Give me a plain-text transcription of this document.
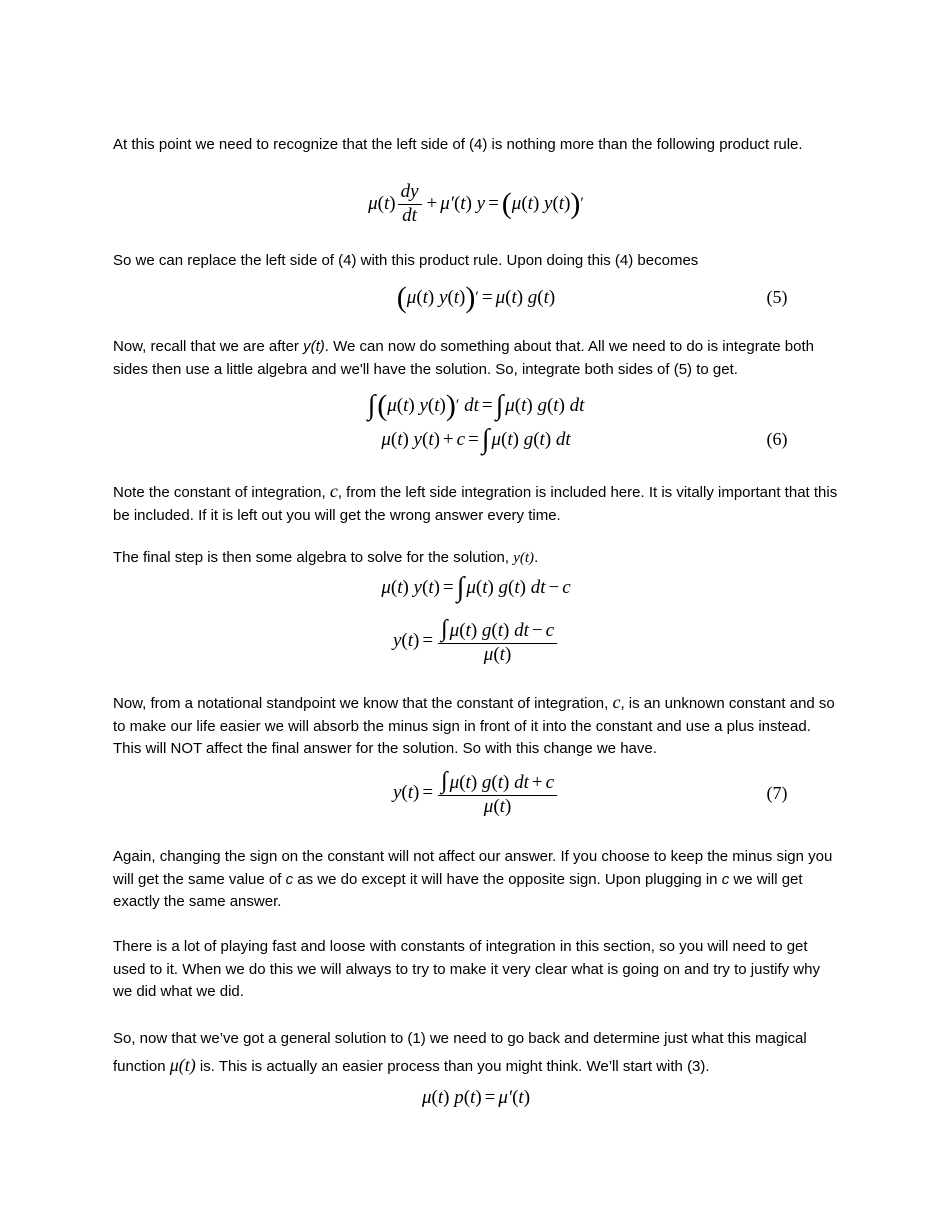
At this point we need to recognize that the left side of (4) is nothing more than the following product rule.

μ ( t ) $\frac{dy}{dt} + \mu'$ ( t ) y = ( μ ( t ) y ( t ) ) ′

So we can replace the left side of (4) with this product rule. Upon doing this (4) becomes

( μ ( t ) y ( t ) ) ′ = μ ( t ) g ( t )	(5)

Now, recall that we are after y(t). We can now do something about that. All we need to do is integrate both sides then use a little algebra and we'll have the solution. So, integrate both sides of (5) to get.

∫ ( μ ( t ) y ( t ) ) ′
dt = ∫ μ ( t ) g ( t ) dt
μ ( t ) y ( t ) + c = ∫ μ ( t ) g ( t ) dt	(6)

Note the constant of integration, c, from the left side integration is included here. It is vitally important that this be included. If it is left out you will get the wrong answer every time.

The final step is then some algebra to solve for the solution, y(t).

μ ( t ) y ( t ) = ∫ μ ( t ) g ( t ) dt − c
y ( t ) = $\frac{\int \mu(t) g(t) dt - c}{\mu(t)}$

Now, from a notational standpoint we know that the constant of integration, c, is an unknown constant and so to make our life easier we will absorb the minus sign in front of it into the constant and use a plus instead. This will NOT affect the final answer for the solution. So with this change we have.

y ( t ) = $\frac{\int \mu(t) g(t) dt + c}{\mu(t)}$	(7)

Again, changing the sign on the constant will not affect our answer. If you choose to keep the minus sign you will get the same value of c as we do except it will have the opposite sign. Upon plugging in c we will get exactly the same answer.

There is a lot of playing fast and loose with constants of integration in this section, so you will need to get used to it. When we do this we will always to try to make it very clear what is going on and try to justify why we did what we did.

So, now that we’ve got a general solution to (1) we need to go back and determine just what this magical function μ(t) is. This is actually an easier process than you might think. We’ll start with (3).

μ ( t ) p ( t ) = μ′ ( t )
